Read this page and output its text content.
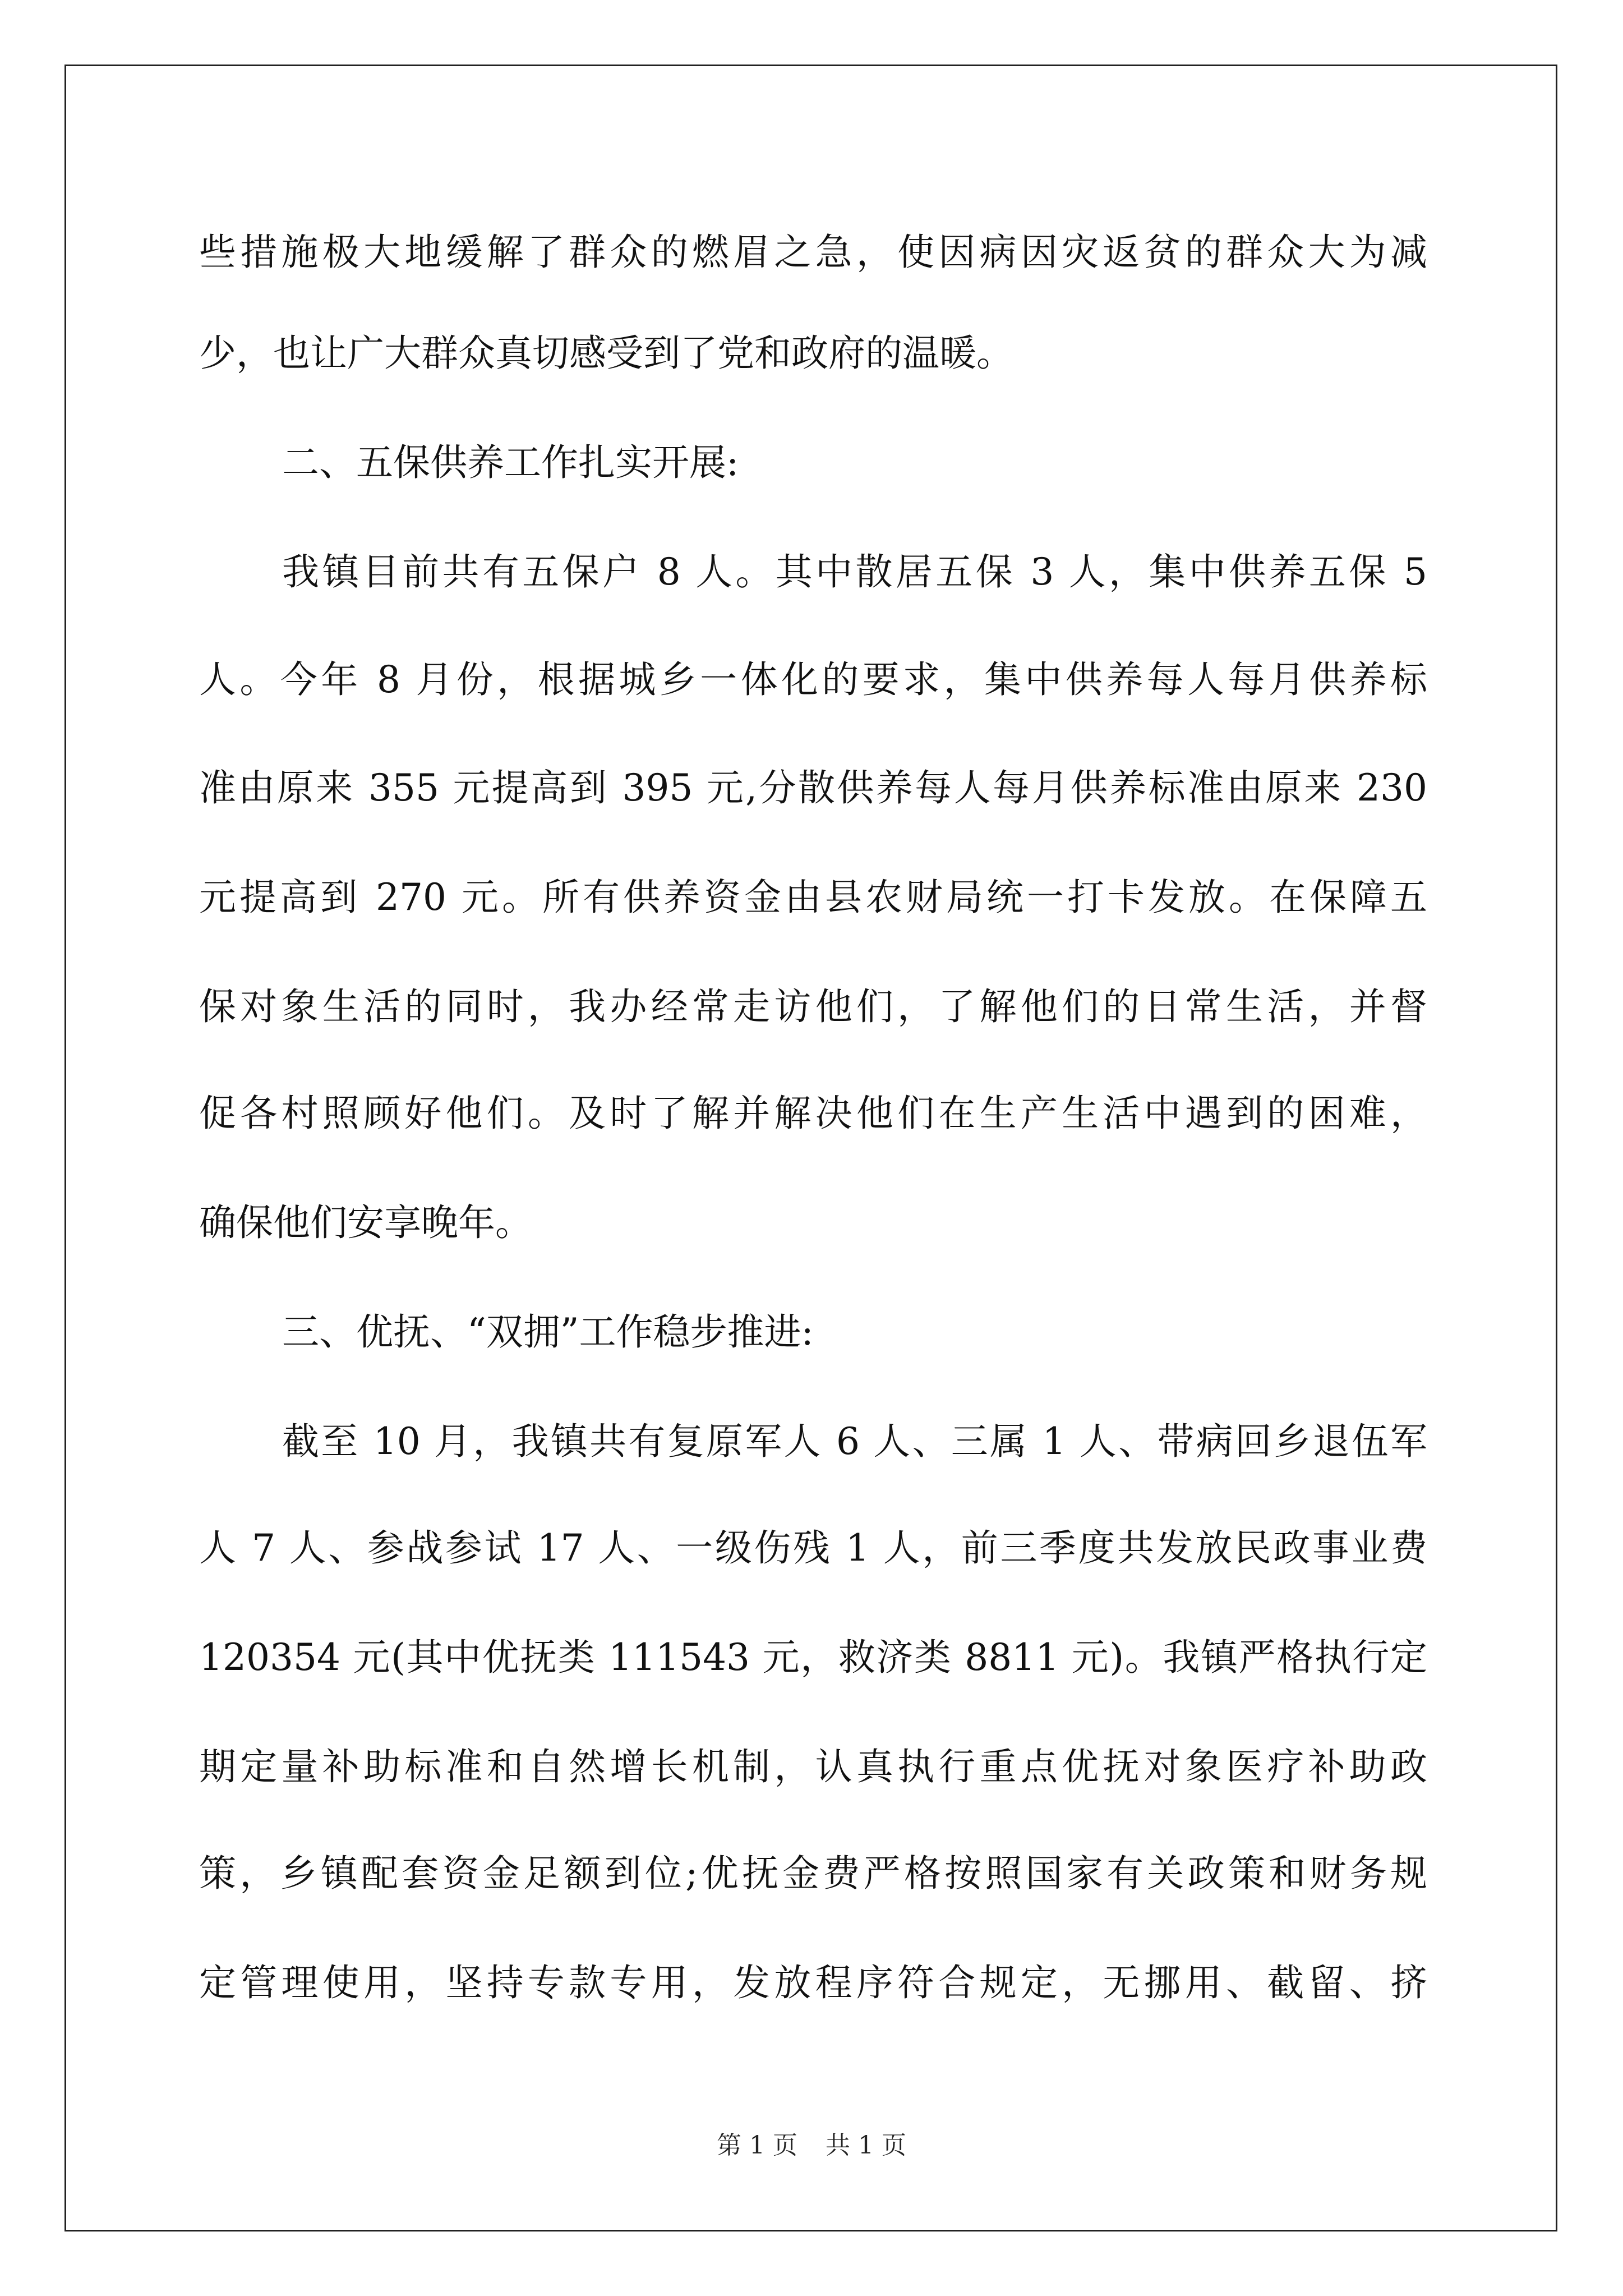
些措施极大地缓解了群众的燃眉之急，使因病因灾返贫的群众大为减
少，也让广大群众真切感受到了党和政府的温暖。
二、五保供养工作扎实开展:
我镇目前共有五保户 8 人。其中散居五保 3 人，集中供养五保 5
人。今年 8 月份，根据城乡一体化的要求，集中供养每人每月供养标
准由原来 355 元提高到 395 元,分散供养每人每月供养标准由原来 230
元提高到 270 元。所有供养资金由县农财局统一打卡发放。在保障五
保对象生活的同时，我办经常走访他们，了解他们的日常生活，并督
促各村照顾好他们。及时了解并解决他们在生产生活中遇到的困难，
确保他们安享晚年。
三、优抚、“双拥”工作稳步推进:
截至 10 月，我镇共有复原军人 6 人、三属 1 人、带病回乡退伍军
人 7 人、参战参试 17 人、一级伤残 1 人，前三季度共发放民政事业费
120354 元(其中优抚类 111543 元，救济类 8811 元)。我镇严格执行定
期定量补助标准和自然增长机制，认真执行重点优抚对象医疗补助政
策，乡镇配套资金足额到位;优抚金费严格按照国家有关政策和财务规
定管理使用，坚持专款专用，发放程序符合规定，无挪用、截留、挤
第 1 页 共 1 页
